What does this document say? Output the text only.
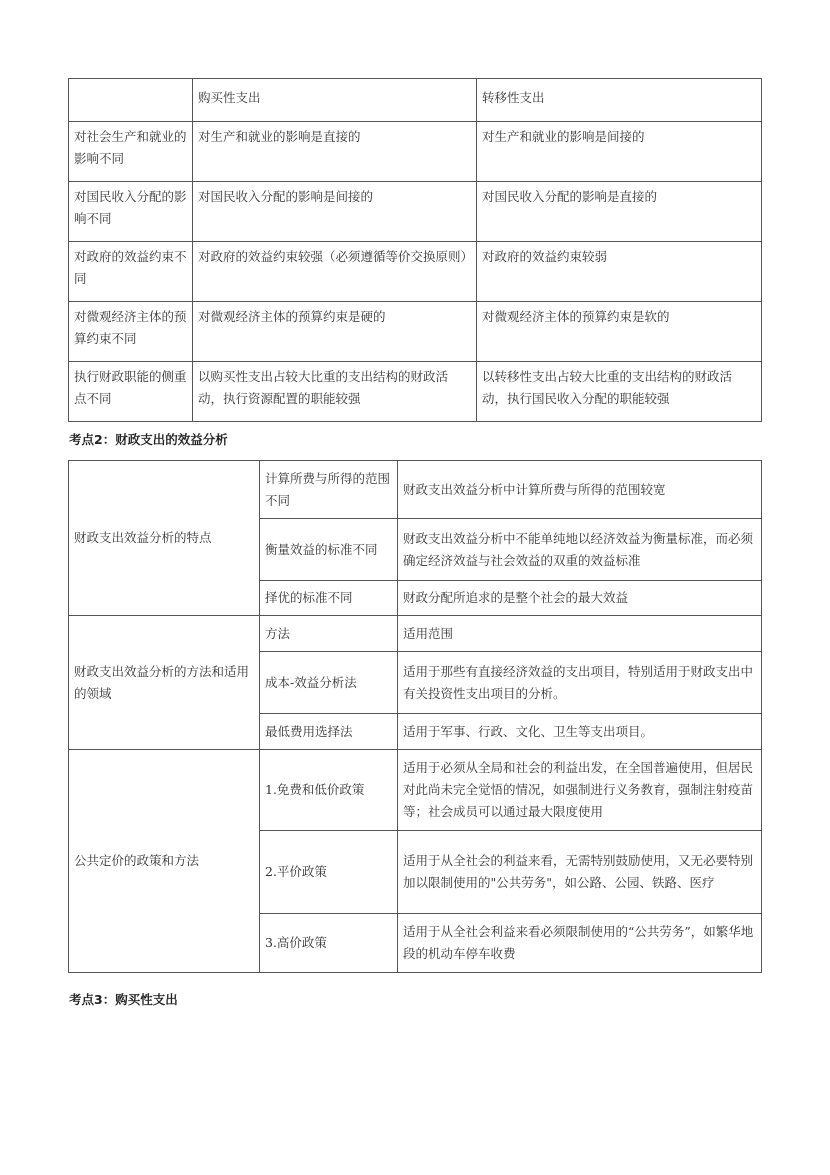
	购买性支出	转移性支出
对社会生产和就业的影响不同	对生产和就业的影响是直接的	对生产和就业的影响是间接的
对国民收入分配的影响不同	对国民收入分配的影响是间接的	对国民收入分配的影响是直接的
对政府的效益约束不同	对政府的效益约束较强（必须遵循等价交换原则）	对政府的效益约束较弱
对微观经济主体的预算约束不同	对微观经济主体的预算约束是硬的	对微观经济主体的预算约束是软的
执行财政职能的侧重点不同	以购买性支出占较大比重的支出结构的财政活动，执行资源配置的职能较强	以转移性支出占较大比重的支出结构的财政活动，执行国民收入分配的职能较强
考点2：财政支出的效益分析
财政支出效益分析的特点	计算所费与所得的范围不同	财政支出效益分析中计算所费与所得的范围较宽
	衡量效益的标准不同	财政支出效益分析中不能单纯地以经济效益为衡量标准，而必须确定经济效益与社会效益的双重的效益标准
	择优的标准不同	财政分配所追求的是整个社会的最大效益
财政支出效益分析的方法和适用的领域	方法	适用范围
	成本-效益分析法	适用于那些有直接经济效益的支出项目，特别适用于财政支出中有关投资性支出项目的分析。
	最低费用选择法	适用于军事、行政、文化、卫生等支出项目。
公共定价的政策和方法	1.免费和低价政策	适用于必须从全局和社会的利益出发，在全国普遍使用，但居民对此尚未完全觉悟的情况，如强制进行义务教育，强制注射疫苗等；社会成员可以通过最大限度使用
	2.平价政策	适用于从全社会的利益来看，无需特别鼓励使用，又无必要特别加以限制使用的"公共劳务"，如公路、公园、铁路、医疗
	3.高价政策	适用于从全社会利益来看必须限制使用的“公共劳务”，如繁华地段的机动车停车收费
考点3：购买性支出
